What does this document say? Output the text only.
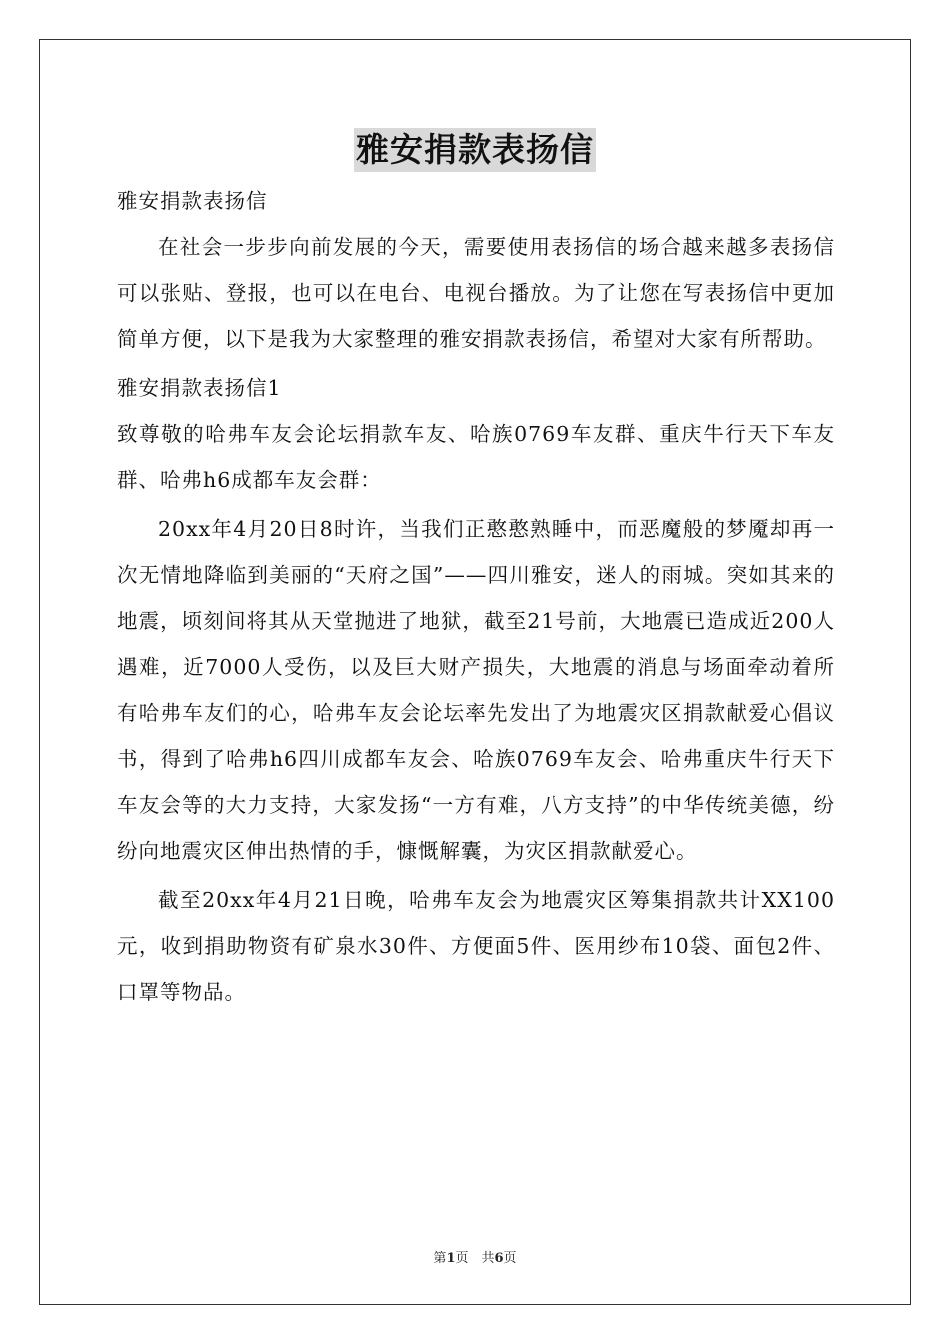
雅安捐款表扬信
雅安捐款表扬信

在社会一步步向前发展的今天，需要使用表扬信的场合越来越多表扬信可以张贴、登报，也可以在电台、电视台播放。为了让您在写表扬信中更加简单方便，以下是我为大家整理的雅安捐款表扬信，希望对大家有所帮助。

雅安捐款表扬信1

致尊敬的哈弗车友会论坛捐款车友、哈族0769车友群、重庆牛行天下车友群、哈弗h6成都车友会群：

20xx年4月20日8时许，当我们正憨憨熟睡中，而恶魔般的梦魇却再一次无情地降临到美丽的“天府之国”——四川雅安，迷人的雨城。突如其来的地震，顷刻间将其从天堂抛进了地狱，截至21号前，大地震已造成近200人遇难，近7000人受伤，以及巨大财产损失，大地震的消息与场面牵动着所有哈弗车友们的心，哈弗车友会论坛率先发出了为地震灾区捐款献爱心倡议书，得到了哈弗h6四川成都车友会、哈族0769车友会、哈弗重庆牛行天下车友会等的大力支持，大家发扬“一方有难，八方支持”的中华传统美德，纷纷向地震灾区伸出热情的手，慷慨解囊，为灾区捐款献爱心。

截至20xx年4月21日晚，哈弗车友会为地震灾区筹集捐款共计XX100元，收到捐助物资有矿泉水30件、方便面5件、医用纱布10袋、面包2件、口罩等物品。

第1页　共6页
